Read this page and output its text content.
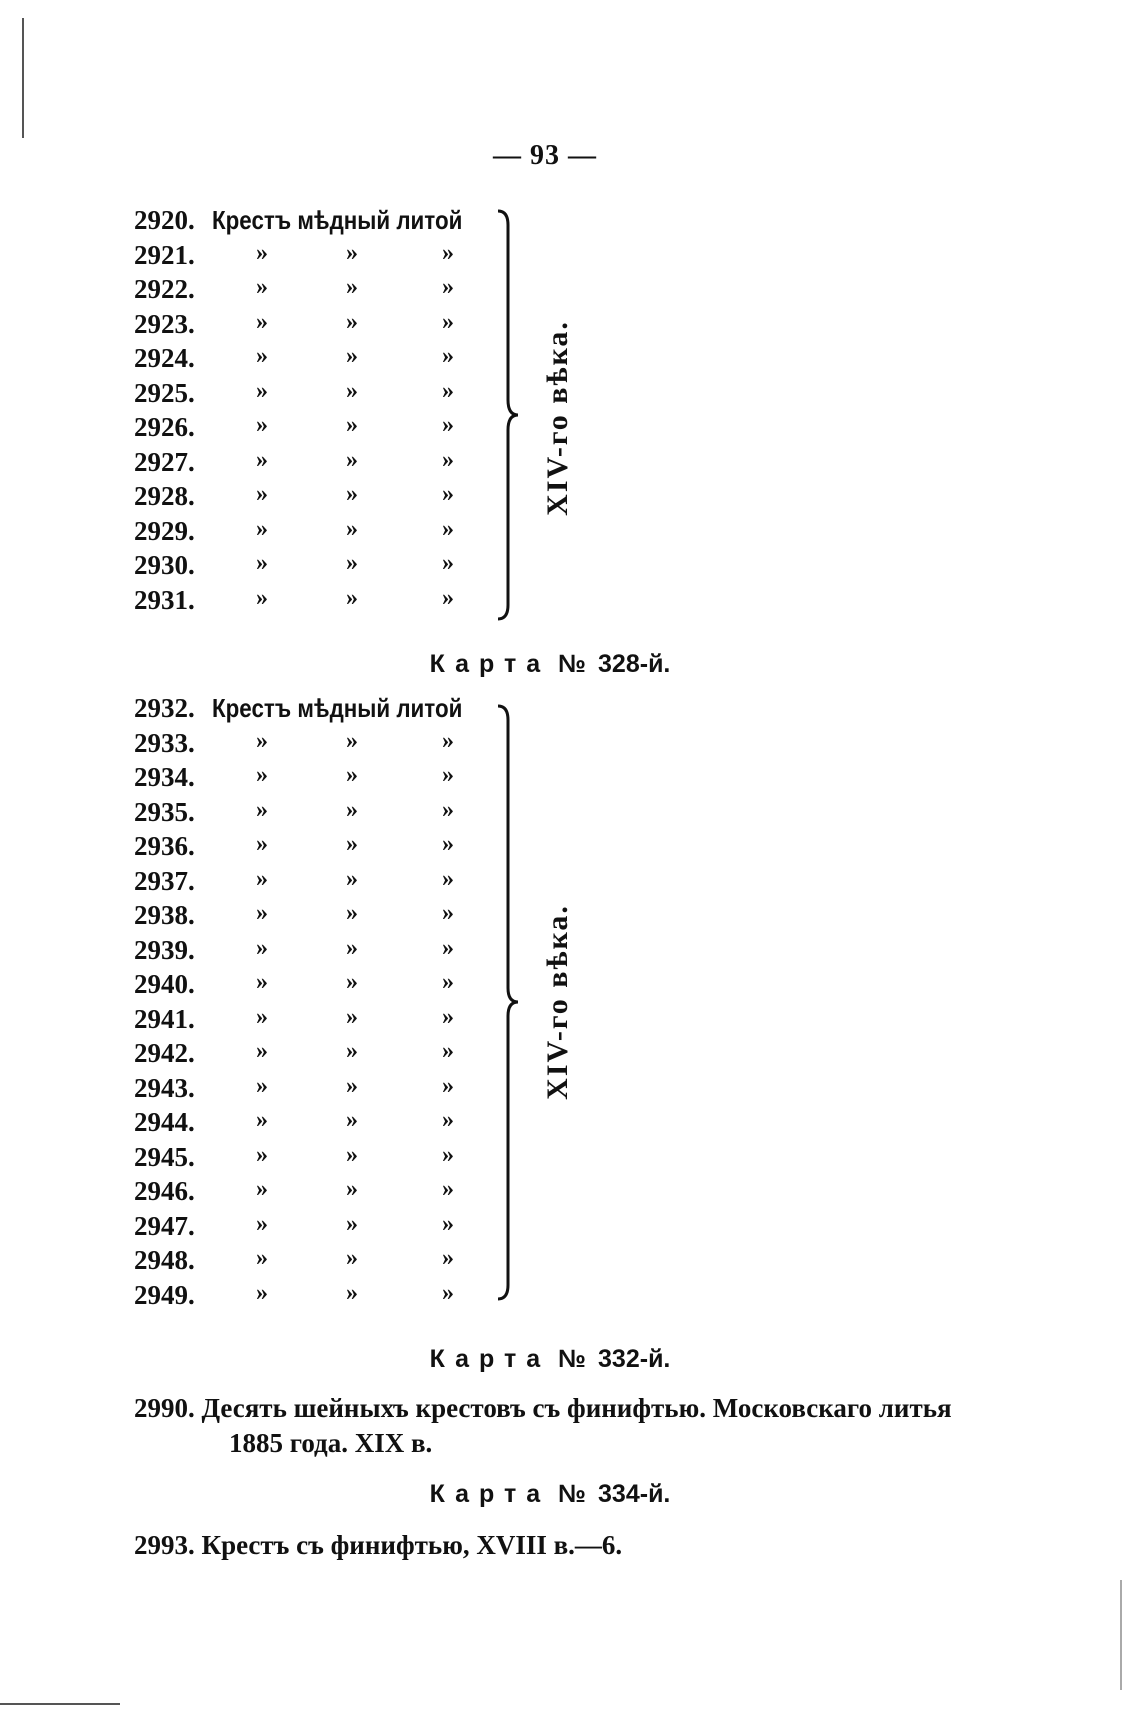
— 93 —
2920. Крестъ мѣдный литой
2921.	»	»	»
2922.	»	»	»
2923.	»	»	»
2924.	»	»	»
2925.	»	»	»
2926.	»	»	»
2927.	»	»	»
2928.	»	»	»
2929.	»	»	»
2930.	»	»	»
2931.	»	»	»
XIV-го вѣка.
Карта № 328-й.
2932. Крестъ мѣдный литой
2933.	»	»	»
2934.	»	»	»
2935.	»	»	»
2936.	»	»	»
2937.	»	»	»
2938.	»	»	»
2939.	»	»	»
2940.	»	»	»
2941.	»	»	»
2942.	»	»	»
2943.	»	»	»
2944.	»	»	»
2945.	»	»	»
2946.	»	»	»
2947.	»	»	»
2948.	»	»	»
2949.	»	»	»
XIV-го вѣка.
Карта № 332-й.
2990. Десять шейныхъ крестовъ съ финифтью. Московскаго литья
1885 года. XIX в.
Карта № 334-й.
2993. Крестъ съ финифтью, XVIII в.—6.
